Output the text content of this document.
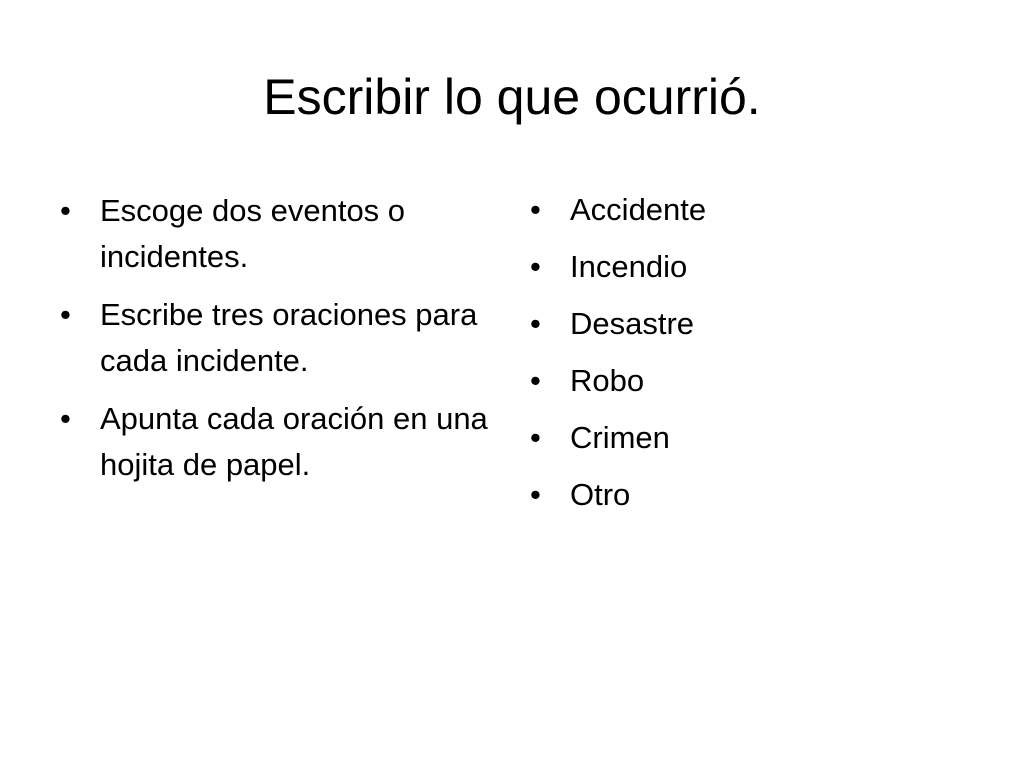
Escribir lo que ocurrió.
• Escoge dos eventos o incidentes.
• Escribe tres oraciones para cada incidente.
• Apunta cada oración en una hojita de papel.
• Accidente
• Incendio
• Desastre
• Robo
• Crimen
• Otro
